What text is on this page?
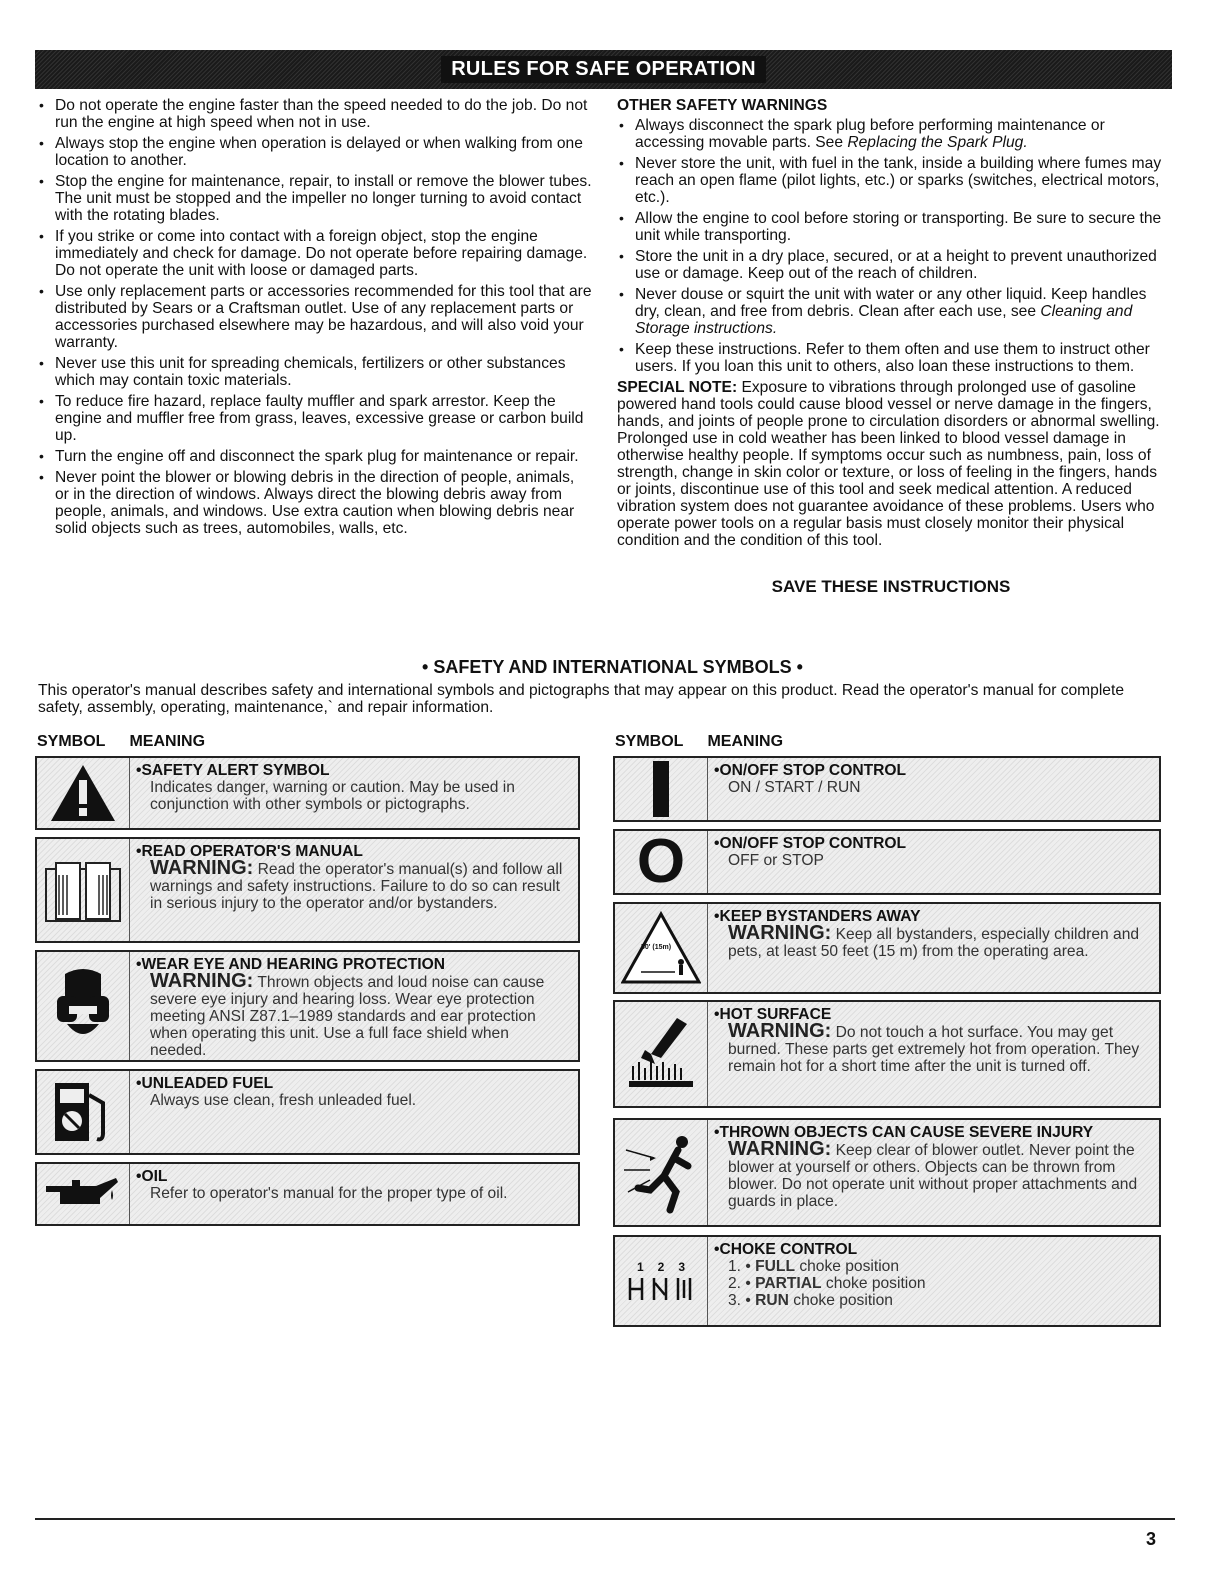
RULES FOR SAFE OPERATION
• Do not operate the engine faster than the speed needed to do the job. Do not run the engine at high speed when not in use.
• Always stop the engine when operation is delayed or when walking from one location to another.
• Stop the engine for maintenance, repair, to install or remove the blower tubes. The unit must be stopped and the impeller no longer turning to avoid contact with the rotating blades.
• If you strike or come into contact with a foreign object, stop the engine immediately and check for damage. Do not operate before repairing damage. Do not operate the unit with loose or damaged parts.
• Use only replacement parts or accessories recommended for this tool that are distributed by Sears or a Craftsman outlet. Use of any replacement parts or accessories purchased elsewhere may be hazardous, and will also void your warranty.
• Never use this unit for spreading chemicals, fertilizers or other substances which may contain toxic materials.
• To reduce fire hazard, replace faulty muffler and spark arrestor. Keep the engine and muffler free from grass, leaves, excessive grease or carbon build up.
• Turn the engine off and disconnect the spark plug for maintenance or repair.
• Never point the blower or blowing debris in the direction of people, animals, or in the direction of windows. Always direct the blowing debris away from people, animals, and windows. Use extra caution when blowing debris near solid objects such as trees, automobiles, walls, etc.
OTHER SAFETY WARNINGS
• Always disconnect the spark plug before performing maintenance or accessing movable parts. See Replacing the Spark Plug.
• Never store the unit, with fuel in the tank, inside a building where fumes may reach an open flame (pilot lights, etc.) or sparks (switches, electrical motors, etc.).
• Allow the engine to cool before storing or transporting. Be sure to secure the unit while transporting.
• Store the unit in a dry place, secured, or at a height to prevent unauthorized use or damage. Keep out of the reach of children.
• Never douse or squirt the unit with water or any other liquid. Keep handles dry, clean, and free from debris. Clean after each use, see Cleaning and Storage instructions.
• Keep these instructions. Refer to them often and use them to instruct other users. If you loan this unit to others, also loan these instructions to them.
SPECIAL NOTE: Exposure to vibrations through prolonged use of gasoline powered hand tools could cause blood vessel or nerve damage in the fingers, hands, and joints of people prone to circulation disorders or abnormal swelling. Prolonged use in cold weather has been linked to blood vessel damage in otherwise healthy people. If symptoms occur such as numbness, pain, loss of strength, change in skin color or texture, or loss of feeling in the fingers, hands or joints, discontinue use of this tool and seek medical attention. A reduced vibration system does not guarantee avoidance of these problems. Users who operate power tools on a regular basis must closely monitor their physical condition and the condition of this tool.
SAVE THESE INSTRUCTIONS
• SAFETY AND INTERNATIONAL SYMBOLS •
This operator's manual describes safety and international symbols and pictographs that may appear on this product. Read the operator's manual for complete safety, assembly, operating, maintenance,` and repair information.
SYMBOL MEANING	SYMBOL MEANING
• SAFETY ALERT SYMBOL
Indicates danger, warning or caution. May be used in conjunction with other symbols or pictographs.
• READ OPERATOR'S MANUAL
WARNING: Read the operator's manual(s) and follow all warnings and safety instructions. Failure to do so can result in serious injury to the operator and/or bystanders.
• WEAR EYE AND HEARING PROTECTION
WARNING: Thrown objects and loud noise can cause severe eye injury and hearing loss. Wear eye protection meeting ANSI Z87.1–1989 standards and ear protection when operating this unit. Use a full face shield when needed.
• UNLEADED FUEL
Always use clean, fresh unleaded fuel.
• OIL
Refer to operator's manual for the proper type of oil.
• ON/OFF STOP CONTROL
ON / START / RUN
O
•	ON/OFF STOP CONTROL
OFF or STOP
50' (15m)
• KEEP BYSTANDERS AWAY
WARNING: Keep all bystanders, especially children and pets, at least 50 feet (15 m) from the operating area.
• HOT SURFACE
WARNING: Do not touch a hot surface. You may get burned. These parts get extremely hot from operation. They remain hot for a short time after the unit is turned off.
• THROWN OBJECTS CAN CAUSE SEVERE INJURY
WARNING: Keep clear of blower outlet. Never point the blower at yourself or others. Objects can be thrown from blower. Do not operate unit without proper attachments and guards in place.
1 2 3
• CHOKE CONTROL
1. • FULL choke position
2. • PARTIAL choke position
3. • RUN choke position
3
